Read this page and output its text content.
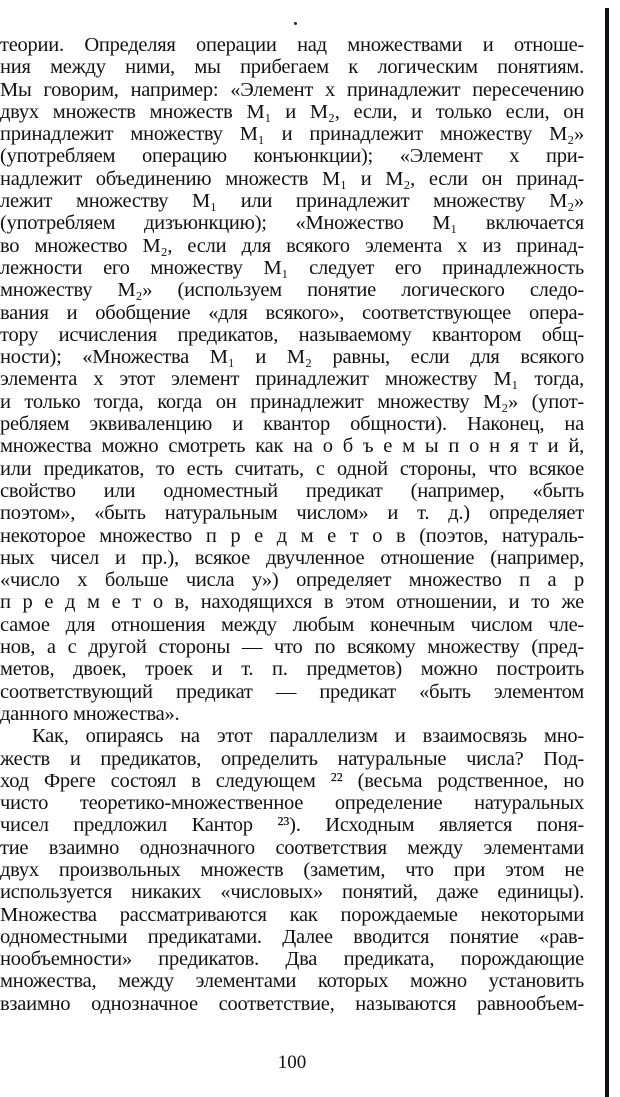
теории. Определяя операции над множествами и отноше-
ния между ними, мы прибегаем к логическим понятиям.
Мы говорим, например: «Элемент x принадлежит пересечению
двух множеств множеств M₁ и M₂, если, и только если, он
принадлежит множеству M₁ и принадлежит множеству M₂»
(употребляем операцию конъюнкции); «Элемент x при-
надлежит объединению множеств M₁ и M₂, если он принад-
лежит множеству M₁ или принадлежит множеству M₂»
(употребляем дизъюнкцию); «Множество M₁ включается
во множество M₂, если для всякого элемента x из принад-
лежности его множеству M₁ следует его принадлежность
множеству M₂» (используем понятие логического следо-
вания и обобщение «для всякого», соответствующее опера-
тору исчисления предикатов, называемому квантором общ-
ности); «Множества M₁ и M₂ равны, если для всякого
элемента x этот элемент принадлежит множеству M₁ тогда,
и только тогда, когда он принадлежит множеству M₂» (упот-
ребляем эквиваленцию и квантор общности). Наконец, на
множества можно смотреть как на о б ъ е м ы п о н я т и й,
или предикатов, то есть считать, с одной стороны, что всякое
свойство или одноместный предикат (например, «быть
поэтом», «быть натуральным числом» и т. д.) определяет
некоторое множество п р е д м е т о в (поэтов, натураль-
ных чисел и пр.), всякое двучленное отношение (например,
«число x больше числа y») определяет множество п а р
п р е д м е т о в, находящихся в этом отношении, и то же
самое для отношения между любым конечным числом чле-
нов, а с другой стороны — что по всякому множеству (пред-
метов, двоек, троек и т. п. предметов) можно построить
соответствующий предикат — предикат «быть элементом
данного множества».
Как, опираясь на этот параллелизм и взаимосвязь мно-
жеств и предикатов, определить натуральные числа? Под-
ход Фреге состоял в следующем ²² (весьма родственное, но
чисто теоретико-множественное определение натуральных
чисел предложил Кантор ²³). Исходным является поня-
тие взаимно однозначного соответствия между элементами
двух произвольных множеств (заметим, что при этом не
используется никаких «числовых» понятий, даже единицы).
Множества рассматриваются как порождаемые некоторыми
одноместными предикатами. Далее вводится понятие «рав-
нообъемности» предикатов. Два предиката, порождающие
множества, между элементами которых можно установить
взаимно однозначное соответствие, называются равнообъем-
100
